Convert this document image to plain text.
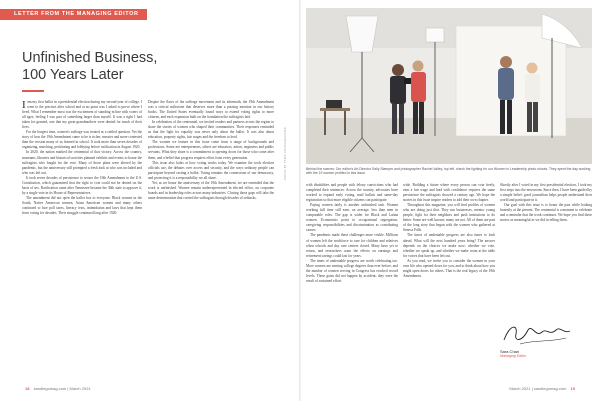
LETTER FROM THE MANAGING EDITOR
Unfinished Business,
100 Years Later

I am my first ballot in a presidential election during my second year of college. I went to the precinct after school and at no point was I asked to prove where I lived. What I remember most was the excitement of standing in line with voters of all ages, feeling I was part of something larger than myself. It was a right I had taken for granted, one that my great-grandmothers were denied for much of their lives.

For the longest time, women's suffrage was treated as a settled question. Yet the story of how the 19th Amendment came to be is richer, messier and more contested than the version many of us learned in school. It took more than seven decades of organizing, marching, petitioning and lobbying before ratification in August 1920.

In 2020, the nation marked the centennial of that victory. Across the country, museums, libraries and historical societies planned exhibits and events to honor the suffragists who fought for the vote. Many of those plans were altered by the pandemic, but the anniversary still prompted a fresh look at who was included and who was left out.

It took seven decades of persistence to secure the 19th Amendment to the U.S. Constitution, which guaranteed that the right to vote could not be denied on the basis of sex. Ratification came after Tennessee became the 36th state to approve it, by a single vote in its House of Representatives.

The amendment did not open the ballot box to everyone. Black women in the South, Native American women, Asian American women and many others continued to face poll taxes, literacy tests, intimidation and laws that kept them from voting for decades. Their struggle continued long after 1920.

Despite the flaws of the suffrage movement and its aftermath, the 19th Amendment was a critical milestone that deserves more than a passing mention in our history books. The United States eventually found ways to extend voting rights to more citizens, and each expansion built on the foundation the suffragists laid.

In celebration of the centennial, we invited readers and partners across the region to share the stories of women who shaped their communities. Their responses reminded us that the fight for equality was never only about the ballot. It was also about education, property rights, fair wages and the freedom to lead.

The women we feature in this issue come from a range of backgrounds and professions. Some are entrepreneurs, others are educators, artists, engineers and public servants. What they share is a commitment to opening doors for those who come after them, and a belief that progress requires effort from every generation.

This issue also looks at how voting works today. We examine the tools election officials use, the debates over access and security, and the ways ordinary people can participate beyond casting a ballot. Voting remains the cornerstone of our democracy, and protecting it is a responsibility we all share.

Yet, as we honor the anniversary of the 19th Amendment, we are reminded that the work is unfinished. Women remain underrepresented in elected office, on corporate boards and in leadership roles across many industries. Closing those gaps will take the same determination that carried the suffragists through decades of setbacks.

PHOTO BY STAFF PHOTOGRAPHER	Behind the scenes: Our editor's Art Director Sally Stamper and photographer Rachel Valley, top left, check the lighting for our Women in Leadership photo shoots. They spent the day working with the 19 women profiled in this issue.

with disabilities and people with felony convictions who had completed their sentences. Across the country, advocates have worked to expand early voting, mail ballots and same-day registration so that more eligible citizens can participate.

Paying women fairly is another unfinished task. Women working full time still earn, on average, less than men in comparable roles. The gap is wider for Black and Latina women. Economists point to occupational segregation, caregiving responsibilities and discrimination as contributing causes.

The pandemic made these challenges more visible. Millions of women left the workforce to care for children and relatives when schools and day care centers closed. Many have yet to return, and researchers warn the effects on earnings and retirement savings could last for years.

The times of undeniable progress are worth celebrating too. More women are earning college degrees than ever before, and the number of women serving in Congress has reached record levels. These gains did not happen by accident; they were the result of sustained effort.

wide. Building a future where every person can vote freely, earn a fair wage and lead with confidence requires the same persistence the suffragists showed a century ago. We hope the stories in this issue inspire readers to add their own chapter.

Throughout this magazine, you will find profiles of women who are doing just that. They run businesses, mentor young people, fight for their neighbors and push institutions to do better. Some are well known; many are not. All of them are part of the long story that began with the women who gathered at Seneca Falls.

The times of undeniable progress are also times to look ahead. What will the next hundred years bring? The answer depends on the choices we make now: whether we vote, whether we speak up, and whether we make room at the table for voices that have been left out.

As you read, we invite you to consider the women in your own life who opened doors for you, and to think about how you might open doors for others. That is the real legacy of the 19th Amendment.

Shortly after I voted in my first presidential election, I took my first steps into the newsroom. Since then, I have been guided by a simple belief: good journalism helps people understand their world and participate in it.

Our goal with this issue is to honor the past while looking honestly at the present. The centennial is a moment to celebrate and a reminder that the work continues. We hope you find these stories as meaningful as we did in telling them.

Sara Chan
Managing Editor
18 sandiegomag.com | March 2021	March 2021 | sandiegomag.com 19
